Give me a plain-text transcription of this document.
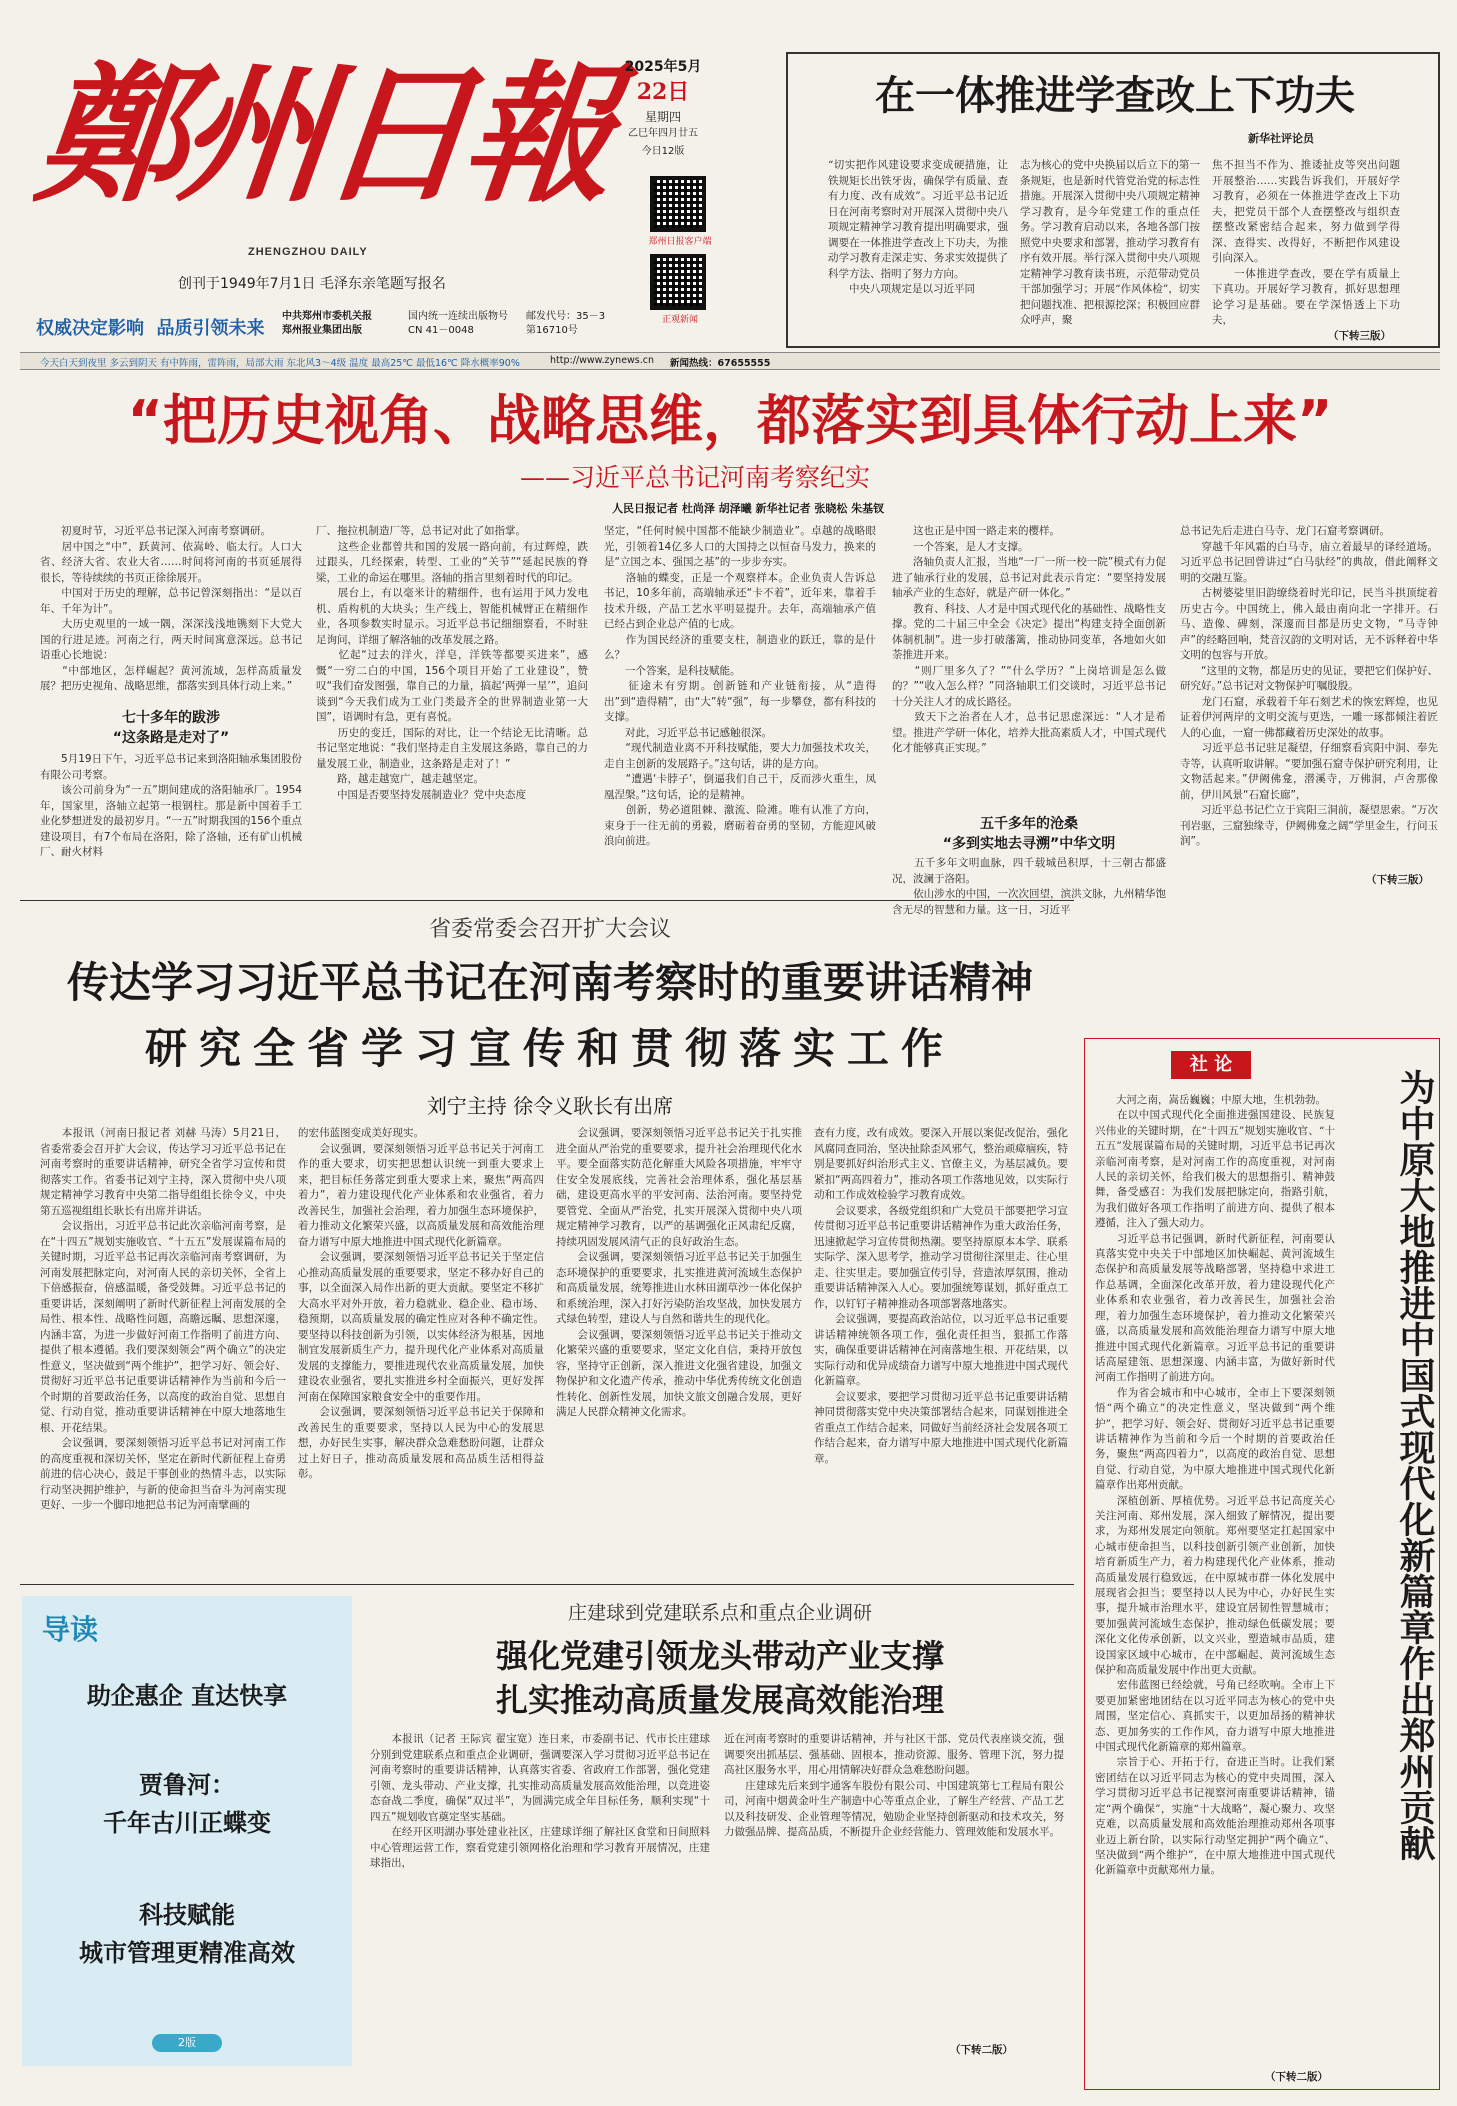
鄭州日報
ZHENGZHOU DAILY
创刊于1949年7月1日 毛泽东亲笔题写报名
权威决定影响  品质引领未来
中共郑州市委机关报
郑州报业集团出版
国内统一连续出版物号
CN 41－0048
邮发代号：35－3
第16710号
2025年5月
22日
星期四
乙巳年四月廿五
今日12版
郑州日报客户端
正观新闻
今天白天到夜里 多云到阴天 有中阵雨，雷阵雨，局部大雨 东北风3～4级 温度 最高25℃ 最低16℃ 降水概率90%	http://www.zynews.cn 新闻热线：67655555
在一体推进学查改上下功夫
新华社评论员
“切实把作风建设要求变成硬措施，让铁规矩长出铁牙齿，确保学有质量、查有力度、改有成效”。习近平总书记近日在河南考察时对开展深入贯彻中央八项规定精神学习教育提出明确要求，强调要在一体推进学查改上下功夫，为推动学习教育走深走实、务求实效提供了科学方法、指明了努力方向。
　　中央八项规定是以习近平同
志为核心的党中央换届以后立下的第一条规矩，也是新时代管党治党的标志性措施。开展深入贯彻中央八项规定精神学习教育，是今年党建工作的重点任务。学习教育启动以来，各地各部门按照党中央要求和部署，推动学习教育有序有效开展。举行深入贯彻中央八项规定精神学习教育读书班，示范带动党员干部加强学习；开展“作风体检”，切实把问题找准、把根源挖深；积极回应群众呼声，聚
焦不担当不作为、推诿扯皮等突出问题开展整治……实践告诉我们，开展好学习教育，必须在一体推进学查改上下功夫，把党员干部个人查摆整改与组织查摆整改紧密结合起来，努力做到学得深、查得实、改得好，不断把作风建设引向深入。
　　一体推进学查改，要在学有质量上下真功。开展好学习教育，抓好思想理论学习是基础。要在学深悟透上下功夫，
（下转三版）
“把历史视角、战略思维，都落实到具体行动上来”
——习近平总书记河南考察纪实
人民日报记者 杜尚泽 胡泽曦 新华社记者 张晓松 朱基钗
　　初夏时节，习近平总书记深入河南考察调研。
　　居中国之“中”，跃黄河、依嵩岭、临太行。人口大省、经济大省、农业大省……时间将河南的书页延展得很长，等待续续的书页正徐徐展开。
　　中国对于历史的理解，总书记曾深刻指出：“是以百年、千年为计”。
　　大历史观里的一域一隅，深深浅浅地镌刻下大党大国的行进足迹。河南之行，两天时间寓意深远。总书记语重心长地说：
　　“中部地区，怎样崛起？黄河流域，怎样高质量发展？把历史视角、战略思维，都落实到具体行动上来。”
七十多年的跋涉
“这条路是走对了”
　　5月19日下午，习近平总书记来到洛阳轴承集团股份有限公司考察。
　　该公司前身为“一五”期间建成的洛阳轴承厂。1954年，国家里，洛轴立起第一根钢柱。那是新中国着手工业化梦想迸发的最初岁月。“一五”时期我国的156个重点建设项目，有7个布局在洛阳，除了洛轴，还有矿山机械厂、耐火材料
厂、拖拉机制造厂等，总书记对此了如指掌。
　　这些企业都曾共和国的发展一路向前，有过辉煌，跌过跟头，几经探索，转型、工业的“关节”“延起民族的脊梁，工业的命运在哪里。洛轴的指言里刻着时代的印记。
　　展台上，有以毫米计的精细件，也有运用于风力发电机、盾构机的大块头；生产线上，智能机械臂正在精细作业，各项参数实时显示。习近平总书记细细察看，不时驻足询问，详细了解洛轴的改革发展之路。
　　忆起“过去的洋火，洋皂，洋铁等都要买进来”，感慨“一穷二白的中国，156个项目开始了工业建设”，赞叹“我们奋发图强，靠自己的力量，搞起‘两弹一星’”，追问谈到“今天我们成为工业门类最齐全的世界制造业第一大国”，语调时有急，更有喜悦。
　　历史的变迁，国际的对比，让一个结论无比清晰。总书记坚定地说：“我们坚持走自主发展这条路，靠自己的力量发展工业，制造业，这条路是走对了！”
　　路，越走越宽广，越走越坚定。
　　中国是否要坚持发展制造业？党中央态度
坚定，“任何时候中国都不能缺少制造业”。卓越的战略眼光，引领着14亿多人口的大国持之以恒奋马发力，换来的是“立国之本、强国之基”的一步步夯实。
　　洛轴的蝶变，正是一个观察样本。企业负责人告诉总书记，10多年前，高端轴承还“卡不着”，近年来，靠着手技术升级，产品工艺水平明显提升。去年，高端轴承产值已经占到企业总产值的七成。
　　作为国民经济的重要支柱，制造业的跃迁，靠的是什么？
　　一个答案，是科技赋能。
　　征途未有穷期。创新链和产业链衔接，从“造得出”到“造得精”，由“大”转“强”，每一步攀登，都有科技的支撑。
　　对此，习近平总书记感触很深。
　　“现代制造业离不开科技赋能，要大力加强技术攻关，走自主创新的发展路子。”这句话，讲的是方向。
　　“遭遇‘卡脖子’，倒逼我们自己干，反而涉火重生，凤凰涅槃。”这句话，论的是精神。
　　创新，势必道阻棘、激流、险滩。唯有认准了方向，束身于一往无前的勇毅，磨砺着奋勇的坚韧，方能迎风破浪向前进。
　　这也正是中国一路走来的樱样。
　　一个答案，是人才支撑。
　　洛轴负责人汇报，当地“一厂一所一校一院”模式有力促进了轴承行业的发展，总书记对此表示肯定：“要坚持发展轴承产业的生态好，就是产研一体化。”
　　教育、科技、人才是中国式现代化的基础性、战略性支撑。党的二十届三中全会《决定》提出“构建支持全面创新体制机制”。进一步打破藩篱，推动协同变革，各地如火如荼推进开来。
　　“则厂里多久了？”“什么学历？”上岗培训是怎么做的？”“收入怎么样？”同洛轴职工们交谈时，习近平总书记十分关注人才的成长路径。
　　致天下之治者在人才，总书记思虑深远：“人才是希望。推进产学研一体化，培养大批高素质人才，中国式现代化才能够真正实现。”
五千多年的沧桑
“多到实地去寻溯”中华文明
　　五千多年文明血脉，四千载城邑积厚，十三朝古都盛况，波澜于洛阳。
　　依山涉水的中国，一次次回望，滨洪文脉，九州精华饱含无尽的智慧和力量。这一日，习近平
总书记先后走进白马寺、龙门石窟考察调研。
　　穿越千年风霜的白马寺，庙立着最早的译经道场。习近平总书记回曾讲过“白马驮经”的典故，借此阐释文明的交融互鉴。
　　古树婆娑里旧韵缭绕着时光印记，民当斗拱顶绽着历史古今。中国统上，佛入最由南向北一字排开。石马、造像、碑刻，深邃而目都是历史文物，“马寺钟声”的经略回响，梵音汉韵的文明对话，无不诉释着中华文明的包容与开放。
　　“这里的文物，都是历史的见证，要把它们保护好、研究好。”总书记对文物保护叮嘱殷殷。
　　龙门石窟，承载着千年石刻艺术的恢宏辉煌，也见证着伊河两岸的文明交流与更迭，一雕一琢都倾注着匠人的心血，一窟一佛都藏着历史深处的故事。
　　习近平总书记驻足凝望，仔细察看宾阳中洞、奉先寺等，认真听取讲解。“要加强石窟寺保护研究利用，让文物活起来。”伊阙佛龛，潜溪寺，万佛洞，卢舍那像前，伊川风景“石窟长廊”，
　　习近平总书记伫立于宾阳三洞前，凝望思索。“万次刊岩驱，三窟独缘寺，伊阙佛龛之阔“学里金生，行问玉润”。
（下转三版）
省委常委会召开扩大会议
传达学习习近平总书记在河南考察时的重要讲话精神
研究全省学习宣传和贯彻落实工作
刘宁主持 徐令义耿长有出席
　　本报讯（河南日报记者 刘赫 马涛）5月21日，省委常委会召开扩大会议，传达学习习近平总书记在河南考察时的重要讲话精神，研究全省学习宣传和贯彻落实工作。省委书记刘宁主持，深入贯彻中央八项规定精神学习教育中央第二指导组组长徐令义，中央第五巡视组组长耿长有出席并讲话。
　　会议指出，习近平总书记此次亲临河南考察，是在“十四五”规划实施收官、“十五五”发展谋篇布局的关键时期，习近平总书记再次亲临河南考察调研，为河南发展把脉定向，对河南人民的亲切关怀，全省上下倍感振奋，倍感温暖，备受鼓舞。习近平总书记的重要讲话，深刻阐明了新时代新征程上河南发展的全局性、根本性、战略性问题，高瞻远瞩、思想深邃，内涵丰富，为进一步做好河南工作指明了前进方向、提供了根本遵循。我们要深刻领会“两个确立”的决定性意义，坚决做到“两个维护”，把学习好、领会好、贯彻好习近平总书记重要讲话精神作为当前和今后一个时期的首要政治任务，以高度的政治自觉、思想自觉、行动自觉，推动重要讲话精神在中原大地落地生根、开花结果。
　　会议强调，要深刻领悟习近平总书记对河南工作的高度重视和深切关怀，坚定在新时代新征程上奋勇前进的信心决心，鼓足干事创业的热情斗志，以实际行动坚决拥护维护，与新的使命担当奋斗为河南实现更好、一步一个脚印地把总书记为河南擘画的
的宏伟蓝图变成美好现实。
　　会议强调，要深刻领悟习近平总书记关于河南工作的重大要求，切实把思想认识统一到重大要求上来，把目标任务落定到重大要求上来，聚焦“两高四着力”，着力建设现代化产业体系和农业强省，着力改善民生，加强社会治理，着力加强生态环境保护，着力推动文化繁荣兴盛，以高质量发展和高效能治理奋力谱写中原大地推进中国式现代化新篇章。
　　会议强调，要深刻领悟习近平总书记关于坚定信心推动高质量发展的重要要求，坚定不移办好自己的事，以全面深入局作出新的更大贡献。要坚定不移扩大高水平对外开放，着力稳就业、稳企业、稳市场、稳预期，以高质量发展的确定性应对各种不确定性。要坚持以科技创新为引领，以实体经济为根基，因地制宜发展新质生产力，提升现代化产业体系对高质量发展的支撑能力，要推进现代农业高质量发展，加快建设农业强省，要扎实推进乡村全面振兴，更好发挥河南在保障国家粮食安全中的重要作用。
　　会议强调，要深刻领悟习近平总书记关于保障和改善民生的重要要求，坚持以人民为中心的发展思想，办好民生实事，解决群众急难愁盼问题，让群众过上好日子，推动高质量发展和高品质生活相得益彰。
　　会议强调，要深刻领悟习近平总书记关于扎实推进全面从严治党的重要要求，提升社会治理现代化水平。要全面落实防范化解重大风险各项措施，牢牢守住安全发展底线，完善社会治理体系，强化基层基础，建设更高水平的平安河南、法治河南。要坚持党要管党、全面从严治党，扎实开展深入贯彻中央八项规定精神学习教育，以严的基调强化正风肃纪反腐，持续巩固发展风清气正的良好政治生态。
　　会议强调，要深刻领悟习近平总书记关于加强生态环境保护的重要要求，扎实推进黄河流域生态保护和高质量发展，统筹推进山水林田湖草沙一体化保护和系统治理，深入打好污染防治攻坚战，加快发展方式绿色转型，建设人与自然和谐共生的现代化。
　　会议强调，要深刻领悟习近平总书记关于推动文化繁荣兴盛的重要要求，坚定文化自信，秉持开放包容，坚持守正创新，深入推进文化强省建设，加强文物保护和文化遗产传承，推动中华优秀传统文化创造性转化、创新性发展，加快文旅文创融合发展，更好满足人民群众精神文化需求。
查有力度，改有成效。要深入开展以案促改促治，强化风腐同查同治，坚决扯除歪风邪气，整治顽瘴痼疾，特别是要抓好纠治形式主义、官僚主义，为基层减负。要紧扣“两高四着力”，推动各项工作落地见效，以实际行动和工作成效检验学习教育成效。
　　会议要求，各级党组织和广大党员干部要把学习宣传贯彻习近平总书记重要讲话精神作为重大政治任务，迅速掀起学习宣传贯彻热潮。要坚持原原本本学、联系实际学、深入思考学，推动学习贯彻往深里走、往心里走、往实里走。要加强宣传引导，营造浓厚氛围，推动重要讲话精神深入人心。要加强统筹谋划，抓好重点工作，以钉钉子精神推动各项部署落地落实。
　　会议强调，要提高政治站位，以习近平总书记重要讲话精神统领各项工作，强化责任担当，狠抓工作落实，确保重要讲话精神在河南落地生根、开花结果，以实际行动和优异成绩奋力谱写中原大地推进中国式现代化新篇章。
　　会议要求，要把学习贯彻习近平总书记重要讲话精神同贯彻落实党中央决策部署结合起来，同谋划推进全省重点工作结合起来，同做好当前经济社会发展各项工作结合起来，奋力谱写中原大地推进中国式现代化新篇章。
社 论
　　大河之南，嵩岳巍巍；中原大地，生机勃勃。
　　在以中国式现代化全面推进强国建设、民族复兴伟业的关键时期，在“十四五”规划实施收官、“十五五”发展谋篇布局的关键时期，习近平总书记再次亲临河南考察，是对河南工作的高度重视，对河南人民的亲切关怀，给我们极大的思想指引、精神鼓舞，备受感召：为我们发展把脉定向，指路引航，为我们做好各项工作指明了前进方向、提供了根本遵循，注入了强大动力。
　　习近平总书记强调，新时代新征程，河南要认真落实党中央关于中部地区加快崛起、黄河流域生态保护和高质量发展等战略部署，坚持稳中求进工作总基调，全面深化改革开放，着力建设现代化产业体系和农业强省，着力改善民生，加强社会治理，着力加强生态环境保护，着力推动文化繁荣兴盛，以高质量发展和高效能治理奋力谱写中原大地推进中国式现代化新篇章。习近平总书记的重要讲话高屋建瓴、思想深邃、内涵丰富，为做好新时代河南工作指明了前进方向。
　　作为省会城市和中心城市，全市上下要深刻领悟“两个确立”的决定性意义，坚决做到“两个维护”，把学习好、领会好、贯彻好习近平总书记重要讲话精神作为当前和今后一个时期的首要政治任务，聚焦“两高四着力”，以高度的政治自觉、思想自觉、行动自觉，为中原大地推进中国式现代化新篇章作出郑州贡献。
　　深植创新、厚植优势。习近平总书记高度关心关注河南、郑州发展，深入细致了解情况，提出要求，为郑州发展定向领航。郑州要坚定扛起国家中心城市使命担当，以科技创新引领产业创新，加快培育新质生产力，着力构建现代化产业体系，推动高质量发展行稳致远，在中原城市群一体化发展中展现省会担当；要坚持以人民为中心，办好民生实事，提升城市治理水平，建设宜居韧性智慧城市；要加强黄河流域生态保护，推动绿色低碳发展；要深化文化传承创新，以文兴业，塑造城市品质，建设国家区域中心城市，在中部崛起、黄河流域生态保护和高质量发展中作出更大贡献。
　　宏伟蓝图已经绘就，号角已经吹响。全市上下要更加紧密地团结在以习近平同志为核心的党中央周围，坚定信心、真抓实干，以更加昂扬的精神状态、更加务实的工作作风，奋力谱写中原大地推进中国式现代化新篇章的郑州篇章。
　　宗旨于心、开拓于行，奋进正当时。让我们紧密团结在以习近平同志为核心的党中央周围，深入学习贯彻习近平总书记视察河南重要讲话精神，锚定“两个确保”，实施“十大战略”，凝心聚力、攻坚克难，以高质量发展和高效能治理推动郑州各项事业迈上新台阶，以实际行动坚定拥护“两个确立”、坚决做到“两个维护”，在中原大地推进中国式现代化新篇章中贡献郑州力量。
（下转二版）
为中原大地推进中国式现代化新篇章作出郑州贡献
导读
助企惠企 直达快享
贾鲁河：
千年古川正蝶变
科技赋能
城市管理更精准高效
2版
庄建球到党建联系点和重点企业调研
强化党建引领龙头带动产业支撑
扎实推动高质量发展高效能治理
　　本报讯（记者 王际宾 翟宝宽）连日来，市委副书记、代市长庄建球分别到党建联系点和重点企业调研，强调要深入学习贯彻习近平总书记在河南考察时的重要讲话精神，认真落实省委、省政府工作部署，强化党建引领、龙头带动、产业支撑，扎实推动高质量发展高效能治理，以竞进姿态奋战二季度，确保“双过半”，为圆满完成全年目标任务，顺利实现“十四五”规划收官奠定坚实基础。
　　在经开区明湖办事处建业社区，庄建球详细了解社区食堂和日间照料中心管理运营工作，察看党建引领网格化治理和学习教育开展情况，庄建球指出，
近在河南考察时的重要讲话精神，并与社区干部、党员代表座谈交流，强调要突出抓基层、强基础、固根本，推动资源、服务、管理下沉，努力提高社区服务水平，用心用情解决好群众急难愁盼问题。
　　庄建球先后来到宇通客车股份有限公司、中国建筑第七工程局有限公司，河南中烟黄金叶生产制造中心等重点企业，了解生产经营、产品工艺以及科技研发、企业管理等情况，勉励企业坚持创新驱动和技术攻关，努力做强品牌、提高品质，不断提升企业经营能力、管理效能和发展水平。
（下转二版）
